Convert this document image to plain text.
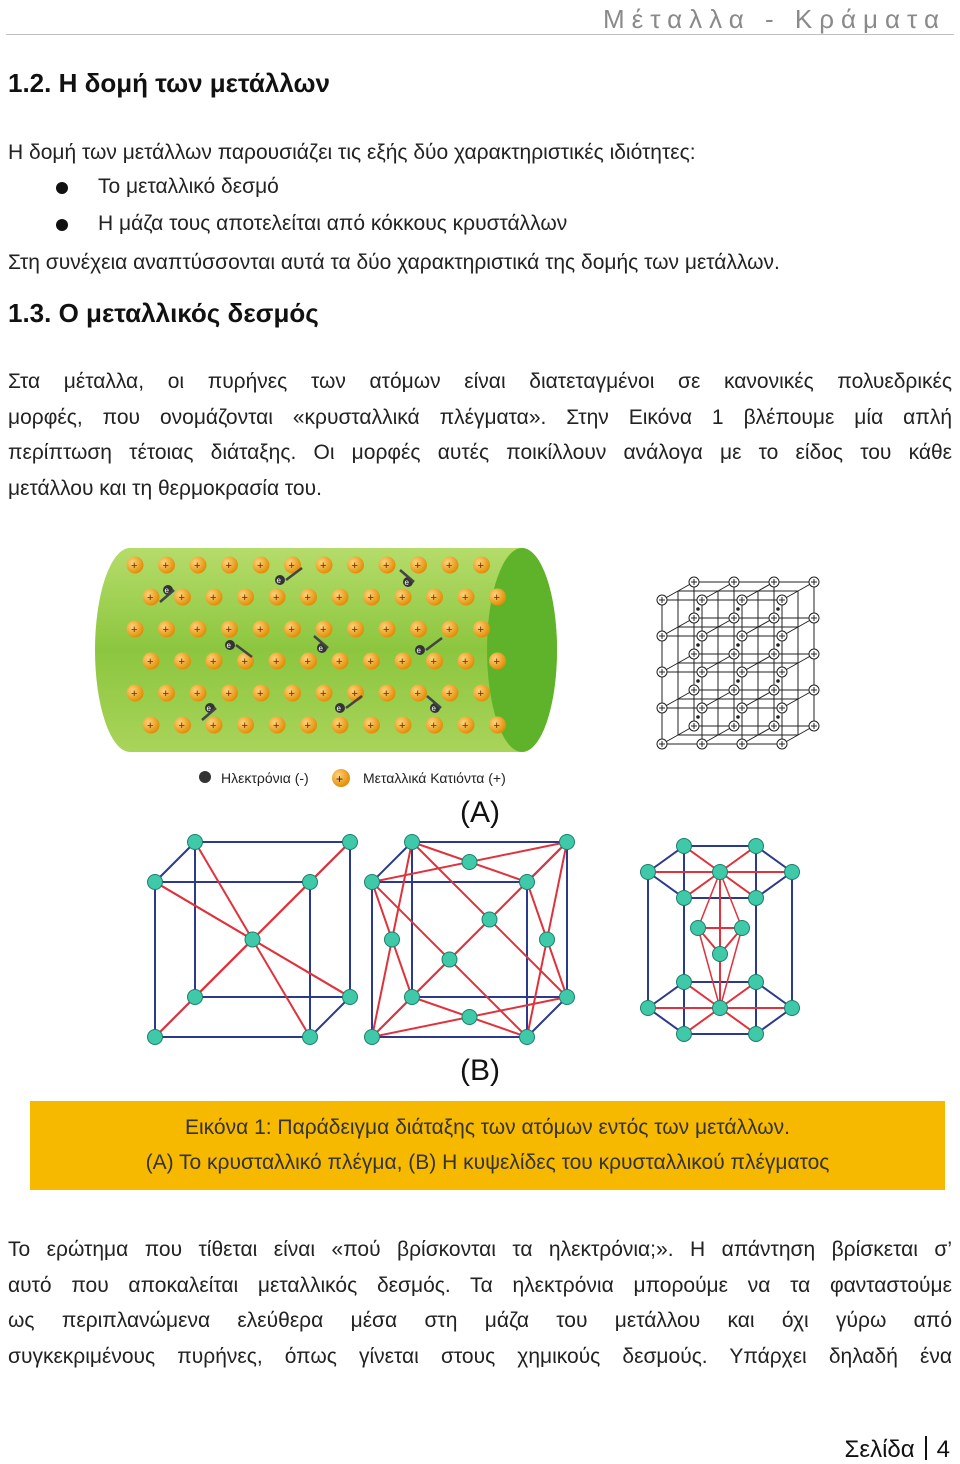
Μέταλλα - Κράματα
1.2. Η δομή των μετάλλων
Η δομή των μετάλλων παρουσιάζει τις εξής δύο χαρακτηριστικές ιδιότητες:
Το μεταλλικό δεσμό
Η μάζα τους αποτελείται από κόκκους κρυστάλλων
Στη συνέχεια αναπτύσσονται αυτά τα δύο χαρακτηριστικά της δομής των μετάλλων.
1.3. Ο μεταλλικός δεσμός
Στα μέταλλα, οι πυρήνες των ατόμων είναι διατεταγμένοι σε κανονικές πολυεδρικές
μορφές, που ονομάζονται «κρυσταλλικά πλέγματα». Στην Εικόνα 1 βλέπουμε μία απλή
περίπτωση τέτοιας διάταξης. Οι μορφές αυτές ποικίλλουν ανάλογα με το είδος του κάθε
μετάλλου και τη θερμοκρασία του.
+ + + + + + + + + + + +
+ + + + + + + + + + + +
+ + + + + + + + + + + +
+ + + + + + + + + + + +
+ + + + + + + + + + + +
+ + + + + + + + + + + +
e
e	e
e	e	e
e	e	e
Ηλεκτρόνια (-) + Μεταλλικά Κατιόντα (+)
(A)
(B)
Εικόνα 1: Παράδειγμα διάταξης των ατόμων εντός των μετάλλων.
(Α) Το κρυσταλλικό πλέγμα, (Β) Η κυψελίδες του κρυσταλλικού πλέγματος
Το ερώτημα που τίθεται είναι «πού βρίσκονται τα ηλεκτρόνια;». Η απάντηση βρίσκεται σ’
αυτό που αποκαλείται μεταλλικός δεσμός. Τα ηλεκτρόνια μπορούμε να τα φανταστούμε
ως περιπλανώμενα ελεύθερα μέσα στη μάζα του μετάλλου και όχι γύρω από
συγκεκριμένους πυρήνες, όπως γίνεται στους χημικούς δεσμούς. Υπάρχει δηλαδή ένα
Σελίδα 4
